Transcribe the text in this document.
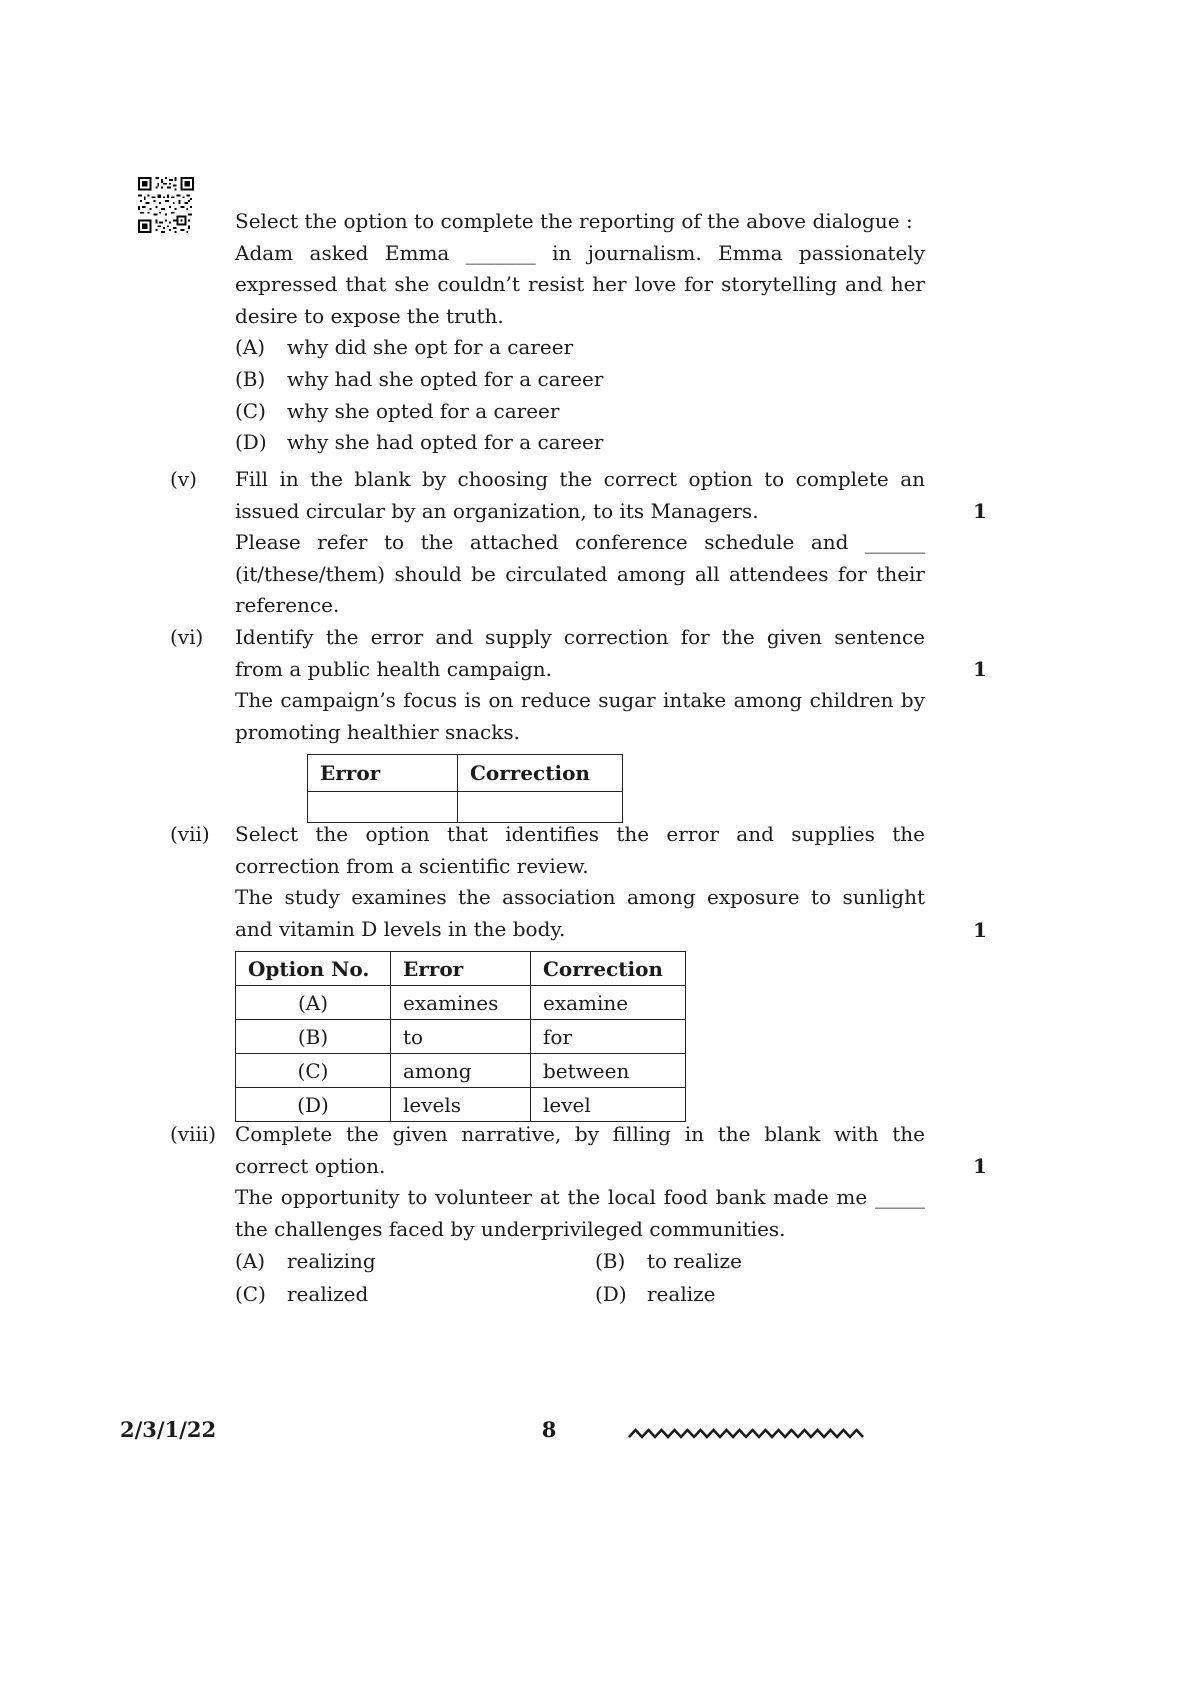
Select the option to complete the reporting of the above dialogue :

Adam asked Emma _______ in journalism. Emma passionately expressed that she couldn’t resist her love for storytelling and her desire to expose the truth.

(A)	why did she opt for a career
(B)	why had she opted for a career
(C)	why she opted for a career
(D)	why she had opted for a career
(v)	Fill in the blank by choosing the correct option to complete an issued circular by an organization, to its Managers.

Please refer to the attached conference schedule and ______ (it/these/them) should be circulated among all attendees for their reference.

1
(vi)	Identify the error and supply correction for the given sentence from a public health campaign.

The campaign’s focus is on reduce sugar intake among children by promoting healthier snacks.

Error	Correction

1
(vii)	Select the option that identifies the error and supplies the correction from a scientific review.

The study examines the association among exposure to sunlight and vitamin D levels in the body.

Option No.	Error	Correction
(A)	examines	examine
(B)	to	for
(C)	among	between
(D)	levels	level
1
(viii) Complete the given narrative, by filling in the blank with the correct option.

The opportunity to volunteer at the local food bank made me _____ the challenges faced by underprivileged communities.

(A)	realizing	(B)	to realize
(C)	realized	(D)	realize
1
2/3/1/22	8
